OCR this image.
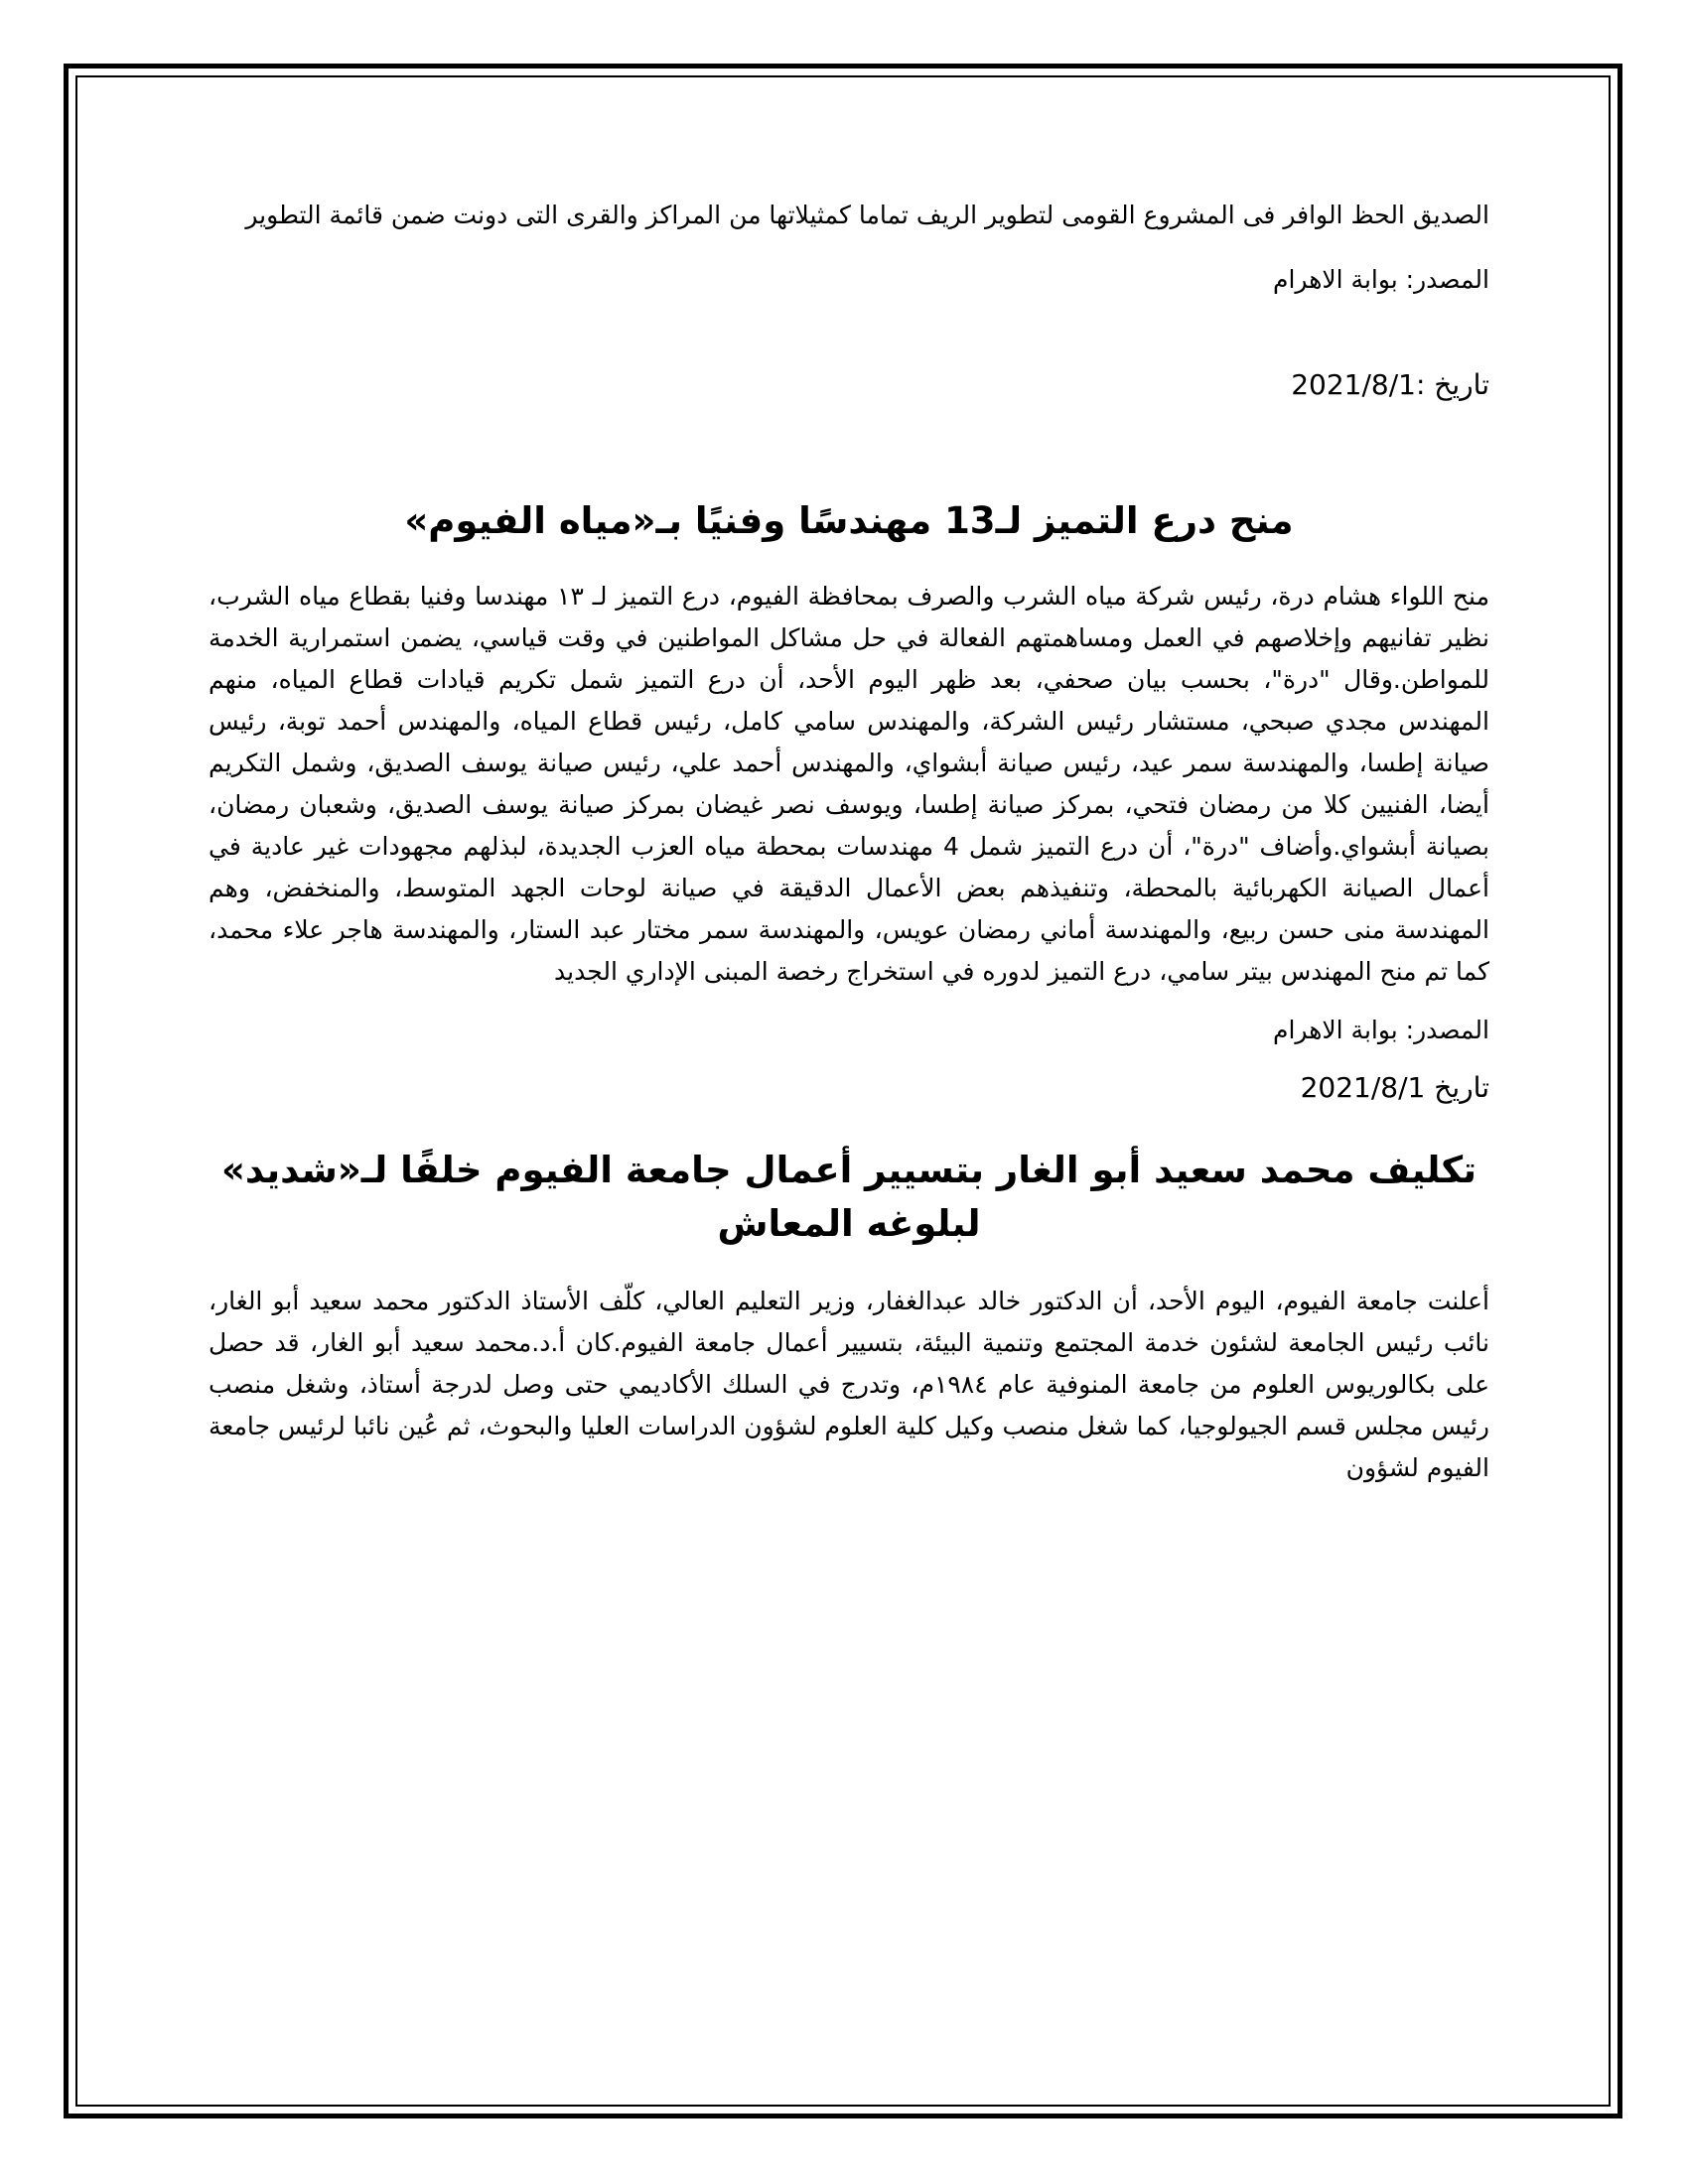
الصديق الحظ الوافر فى المشروع القومى لتطوير الريف تماما كمثيلاتها من المراكز والقرى التى دونت ضمن قائمة التطوير

المصدر: بوابة الاهرام

تاريخ :2021/8/1

منح درع التميز لـ13 مهندسًا وفنيًا بـ«مياه الفيوم»

منح اللواء هشام درة، رئيس شركة مياه الشرب والصرف بمحافظة الفيوم، درع التميز لـ ١٣ مهندسا وفنيا بقطاع مياه الشرب، نظير تفانيهم وإخلاصهم في العمل ومساهمتهم الفعالة في حل مشاكل المواطنين في وقت قياسي، يضمن استمرارية الخدمة للمواطن.وقال "درة"، بحسب بيان صحفي، بعد ظهر اليوم الأحد، أن درع التميز شمل تكريم قيادات قطاع المياه، منهم المهندس مجدي صبحي، مستشار رئيس الشركة، والمهندس سامي كامل، رئيس قطاع المياه، والمهندس أحمد توبة، رئيس صيانة إطسا، والمهندسة سمر عيد، رئيس صيانة أبشواي، والمهندس أحمد علي، رئيس صيانة يوسف الصديق، وشمل التكريم أيضا، الفنيين كلا من رمضان فتحي، بمركز صيانة إطسا، ويوسف نصر غيضان بمركز صيانة يوسف الصديق، وشعبان رمضان، بصيانة أبشواي.وأضاف "درة"، أن درع التميز شمل 4 مهندسات بمحطة مياه العزب الجديدة، لبذلهم مجهودات غير عادية في أعمال الصيانة الكهربائية بالمحطة، وتنفيذهم بعض الأعمال الدقيقة في صيانة لوحات الجهد المتوسط، والمنخفض، وهم المهندسة منى حسن ربيع، والمهندسة أماني رمضان عويس، والمهندسة سمر مختار عبد الستار، والمهندسة هاجر علاء محمد، كما تم منح المهندس بيتر سامي، درع التميز لدوره في استخراج رخصة المبنى الإداري الجديد

المصدر: بوابة الاهرام

تاريخ 2021/8/1

تكليف محمد سعيد أبو الغار بتسيير أعمال جامعة الفيوم خلفًا لـ«شديد» لبلوغه المعاش

أعلنت جامعة الفيوم، اليوم الأحد، أن الدكتور خالد عبدالغفار، وزير التعليم العالي، كلّف الأستاذ الدكتور محمد سعيد أبو الغار، نائب رئيس الجامعة لشئون خدمة المجتمع وتنمية البيئة، بتسيير أعمال جامعة الفيوم.كان أ.د.محمد سعيد أبو الغار، قد حصل على بكالوريوس العلوم من جامعة المنوفية عام ١٩٨٤م، وتدرج في السلك الأكاديمي حتى وصل لدرجة أستاذ، وشغل منصب رئيس مجلس قسم الجيولوجيا، كما شغل منصب وكيل كلية العلوم لشؤون الدراسات العليا والبحوث، ثم عُين نائبا لرئيس جامعة الفيوم لشؤون
